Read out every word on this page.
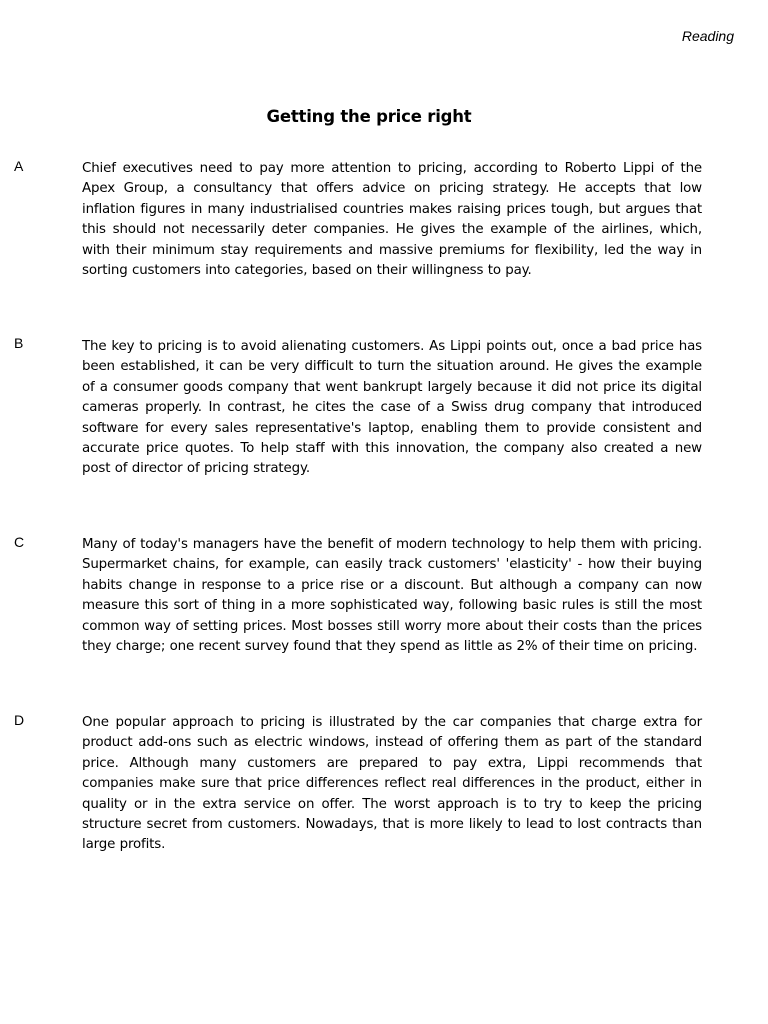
Reading
Getting the price right
A	Chief executives need to pay more attention to pricing, according to Roberto Lippi of the Apex Group, a consultancy that offers advice on pricing strategy. He accepts that low inflation figures in many industrialised countries makes raising prices tough, but argues that this should not necessarily deter companies. He gives the example of the airlines, which, with their minimum stay requirements and massive premiums for flexibility, led the way in sorting customers into categories, based on their willingness to pay.

B	The key to pricing is to avoid alienating customers. As Lippi points out, once a bad price has been established, it can be very difficult to turn the situation around. He gives the example of a consumer goods company that went bankrupt largely because it did not price its digital cameras properly. In contrast, he cites the case of a Swiss drug company that introduced software for every sales representative's laptop, enabling them to provide consistent and accurate price quotes. To help staff with this innovation, the company also created a new post of director of pricing strategy.

C	Many of today's managers have the benefit of modern technology to help them with pricing. Supermarket chains, for example, can easily track customers' 'elasticity' - how their buying habits change in response to a price rise or a discount. But although a company can now measure this sort of thing in a more sophisticated way, following basic rules is still the most common way of setting prices. Most bosses still worry more about their costs than the prices they charge; one recent survey found that they spend as little as 2% of their time on pricing.

D	One popular approach to pricing is illustrated by the car companies that charge extra for product add-ons such as electric windows, instead of offering them as part of the standard price. Although many customers are prepared to pay extra, Lippi recommends that companies make sure that price differences reflect real differences in the product, either in quality or in the extra service on offer. The worst approach is to try to keep the pricing structure secret from customers. Nowadays, that is more likely to lead to lost contracts than large profits.
